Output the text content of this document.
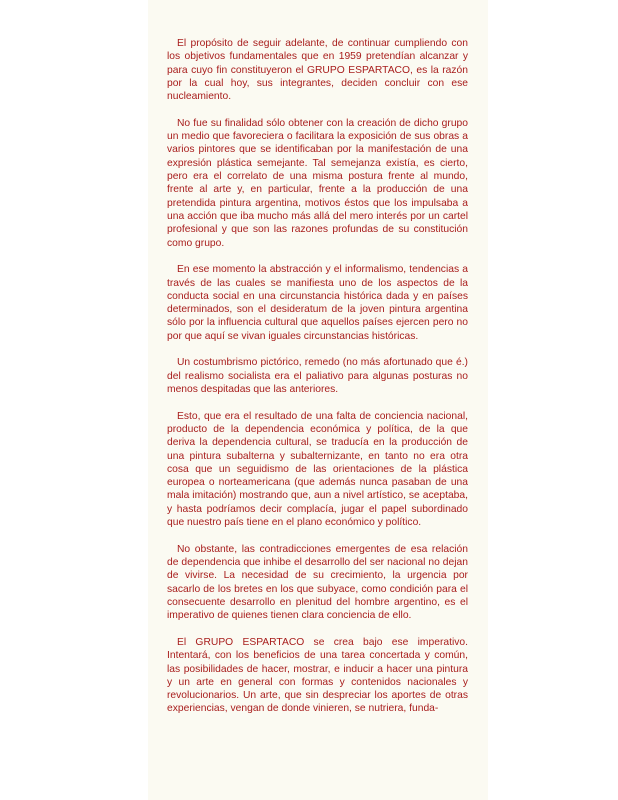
El propósito de seguir adelante, de continuar cumpliendo con los objetivos fundamentales que en 1959 pretendían alcanzar y para cuyo fin constituyeron el GRUPO ESPARTACO, es la razón por la cual hoy, sus integrantes, deciden concluir con ese nucleamiento.

No fue su finalidad sólo obtener con la creación de dicho grupo un medio que favoreciera o facilitara la exposición de sus obras a varios pintores que se identificaban por la manifestación de una expresión plástica semejante. Tal semejanza existía, es cierto, pero era el correlato de una misma postura frente al mundo, frente al arte y, en particular, frente a la producción de una pretendida pintura argentina, motivos éstos que los impulsaba a una acción que iba mucho más allá del mero interés por un cartel profesional y que son las razones profundas de su constitución como grupo.

En ese momento la abstracción y el informalismo, tendencias a través de las cuales se manifiesta uno de los aspectos de la conducta social en una circunstancia histórica dada y en países determinados, son el desideratum de la joven pintura argentina sólo por la influencia cultural que aquellos países ejercen pero no por que aquí se vivan iguales circunstancias históricas.

Un costumbrismo pictórico, remedo (no más afortunado que é.) del realismo socialista era el paliativo para algunas posturas no menos despitadas que las anteriores.

Esto, que era el resultado de una falta de conciencia nacional, producto de la dependencia económica y política, de la que deriva la dependencia cultural, se traducía en la producción de una pintura subalterna y subalternizante, en tanto no era otra cosa que un seguidismo de las orientaciones de la plástica europea o norteamericana (que además nunca pasaban de una mala imitación) mostrando que, aun a nivel artístico, se aceptaba, y hasta podríamos decir complacía, jugar el papel subordinado que nuestro país tiene en el plano económico y político.

No obstante, las contradicciones emergentes de esa relación de dependencia que inhibe el desarrollo del ser nacional no dejan de vivirse. La necesidad de su crecimiento, la urgencia por sacarlo de los bretes en los que subyace, como condición para el consecuente desarrollo en plenitud del hombre argentino, es el imperativo de quienes tienen clara conciencia de ello.

El GRUPO ESPARTACO se crea bajo ese imperativo. Intentará, con los beneficios de una tarea concertada y común, las posibilidades de hacer, mostrar, e inducir a hacer una pintura y un arte en general con formas y contenidos nacionales y revolucionarios. Un arte, que sin despreciar los aportes de otras experiencias, vengan de donde vinieren, se nutriera, funda-
